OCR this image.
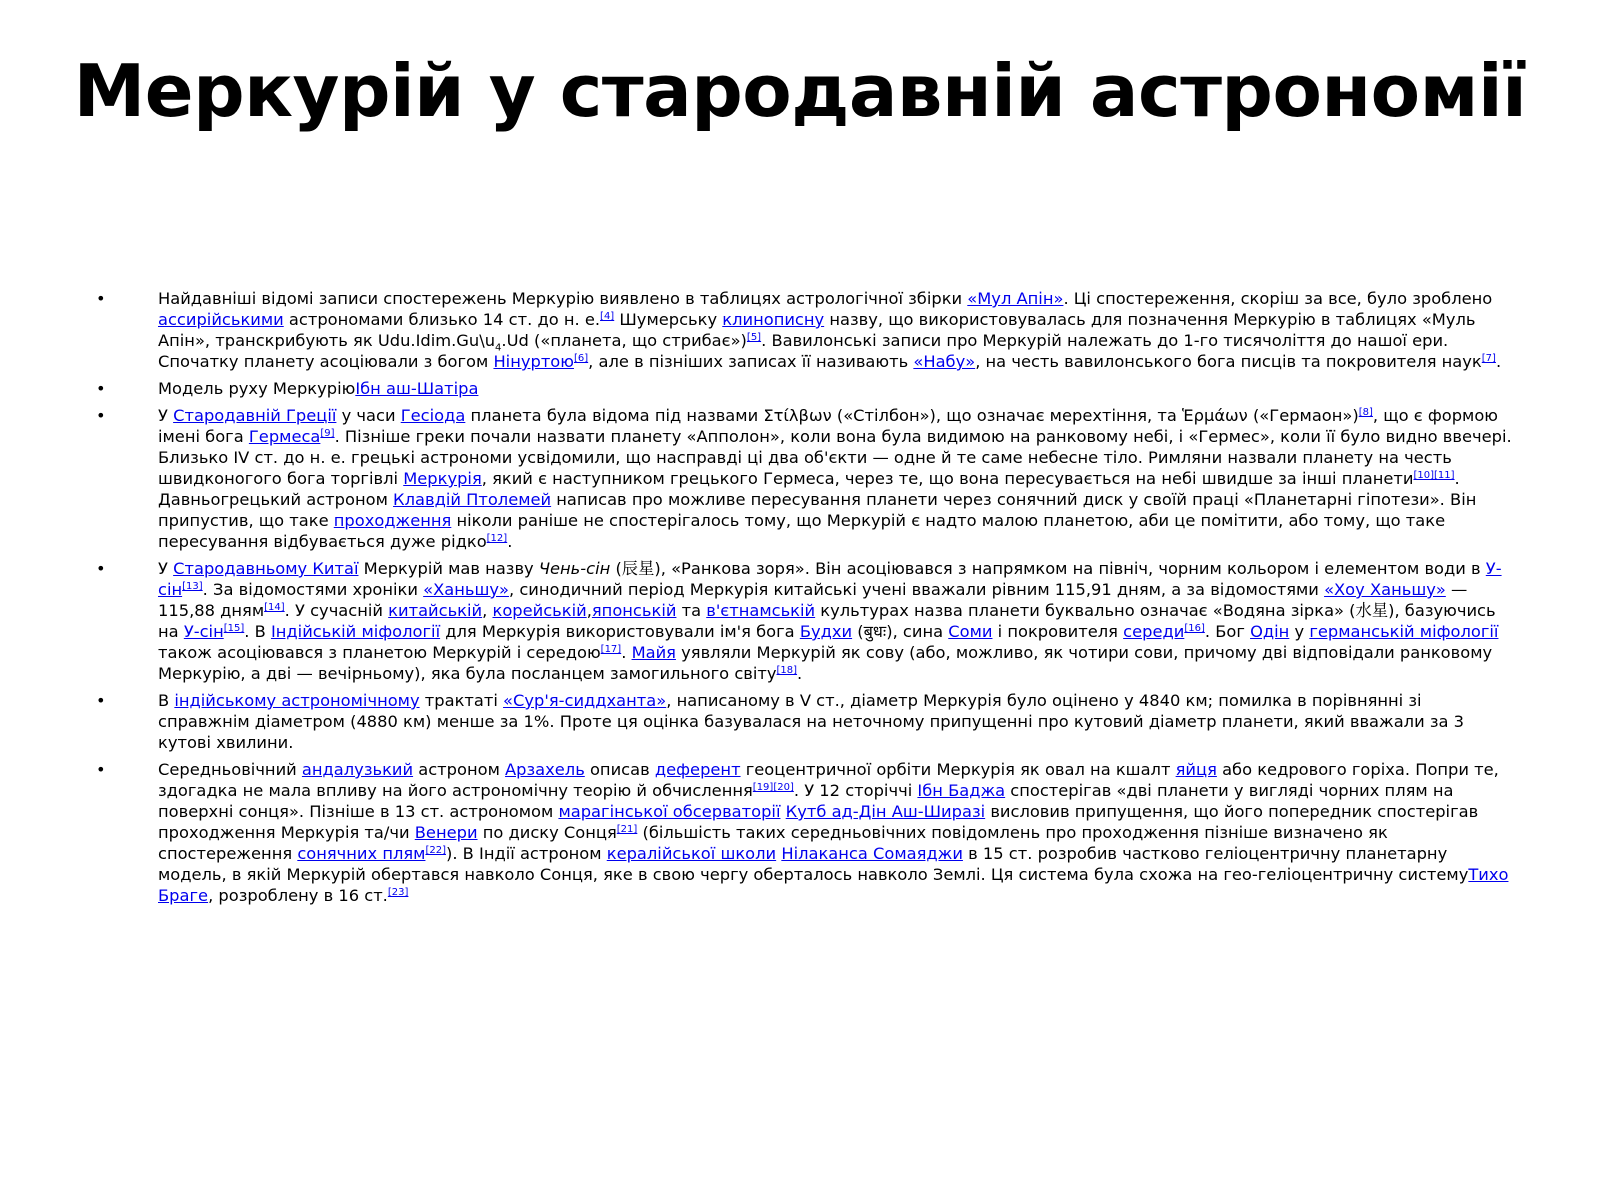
Меркурій у стародавній астрономії
•	Найдавніші відомі записи спостережень Меркурію виявлено в таблицях астрологічної збірки «Мул Апін». Ці спостереження, скоріш за все, було зроблено ассирійськими астрономами близько 14 ст. до н. е.[4] Шумерську клинописну назву, що використовувалась для позначення Меркурію в таблицях «Муль Апін», транскрибують як $Udu.Idim.Gu\backslash u_4.Ud$ («планета, що стрибає»)[5]. Вавилонські записи про Меркурій належать до 1-го тисячоліття до нашої ери. Спочатку планету асоціювали з богом Нінуртою[6], але в пізніших записах її називають «Набу», на честь вавилонського бога писців та покровителя наук[7].
•	Модель руху МеркуріюІбн аш-Шатіра
•	У Стародавній Греції у часи Гесіода планета була відома під назвами Στίλβων («Стілбон»), що означає мерехтіння, та Ἑρμάων («Гермаон»)[8], що є формою імені бога Гермеса[9]. Пізніше греки почали назвати планету «Апполон», коли вона була видимою на ранковому небі, і «Гермес», коли її було видно ввечері. Близько IV ст. до н. е. грецькі астрономи усвідомили, що насправді ці два об'єкти — одне й те саме небесне тіло. Римляни назвали планету на честь швидконогого бога торгівлі Меркурія, який є наступником грецького Гермеса, через те, що вона пересувається на небі швидше за інші планети[10][11]. Давньогрецький астроном Клавдій Птолемей написав про можливе пересування планети через сонячний диск у своїй праці «Планетарні гіпотези». Він припустив, що таке проходження ніколи раніше не спостерігалось тому, що Меркурій є надто малою планетою, аби це помітити, або тому, що таке пересування відбувається дуже рідко[12].
•	У Стародавньому Китаї Меркурій мав назву Чень-сін (辰星), «Ранкова зоря». Він асоціювався з напрямком на північ, чорним кольором і елементом води в У-сін[13]. За відомостями хроніки «Ханьшу», синодичний період Меркурія китайські учені вважали рівним 115,91 дням, а за відомостями «Хоу Ханьшу» — 115,88 дням[14]. У сучасній китайській, корейській,японській та в'єтнамській культурах назва планети буквально означає «Водяна зірка» (水星), базуючись на У-сін[15]. В Індійській міфології для Меркурія використовували ім'я бога Будхи (बुधः), сина Соми і покровителя середи[16]. Бог Одін у германській міфології також асоціювався з планетою Меркурій і середою[17]. Майя уявляли Меркурій як сову (або, можливо, як чотири сови, причому дві відповідали ранковому Меркурію, а дві — вечірньому), яка була посланцем замогильного світу[18].
•	В індійському астрономічному трактаті «Сур'я-сиддханта», написаному в V ст., діаметр Меркурія було оцінено у 4840 км; помилка в порівнянні зі справжнім діаметром (4880 км) менше за 1%. Проте ця оцінка базувалася на неточному припущенні про кутовий діаметр планети, який вважали за 3 кутові хвилини.
•	Середньовічний андалузький астроном Арзахель описав деферент геоцентричної орбіти Меркурія як овал на кшалт яйця або кедрового горіха. Попри те, здогадка не мала впливу на його астрономічну теорію й обчислення[19][20]. У 12 сторіччі Ібн Баджа спостерігав «дві планети у вигляді чорних плям на поверхні сонця». Пізніше в 13 ст. астрономом марагінської обсерваторії Кутб ад-Дін Аш-Ширазі висловив припущення, що його попередник спостерігав проходження Меркурія та/чи Венери по диску Сонця[21] (більшість таких середньовічних повідомлень про проходження пізніше визначено як спостереження сонячних плям[22]). В Індії астроном кералійської школи Нілаканса Сомаяджи в 15 ст. розробив частково геліоцентричну планетарну модель, в якій Меркурій обертався навколо Сонця, яке в свою чергу оберталось навколо Землі. Ця система була схожа на гео-геліоцентричну системуТихо Браге, розроблену в 16 ст.[23]
